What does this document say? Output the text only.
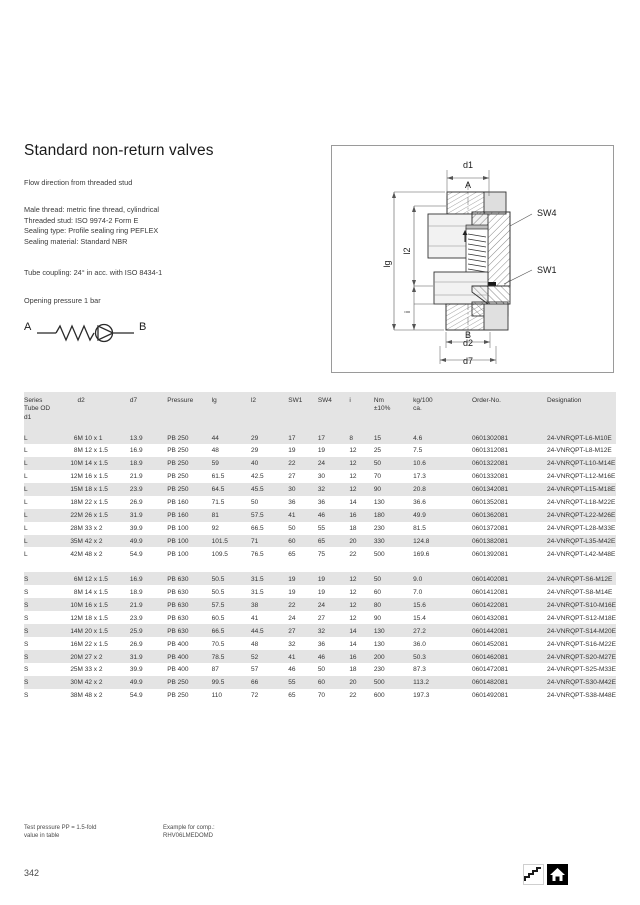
Standard non-return valves
Flow direction from threaded stud
Male thread: metric fine thread, cylindrical
Threaded stud: ISO 9974-2 Form E
Sealing type: Profile sealing ring PEFLEX
Sealing material: Standard NBR
Tube coupling: 24° in acc. with ISO 8434-1
Opening pressure 1 bar
A	B
d1
A
B
d2
d7
SW4
SW1
lg
l2
i
Series
Tube OD
d1		d2	d7	Pressure	lg	l2	SW1	SW4	i	Nm
±10%	kg/100
ca.	Order-No.	Designation
L	6	M 10 x 1	13.9	PB 250	44	29	17	17	8	15	4.6	0601302081	24-VNRQPT-L6-M10E
L	8	M 12 x 1.5	16.9	PB 250	48	29	19	19	12	25	7.5	0601312081	24-VNRQPT-L8-M12E
L	10	M 14 x 1.5	18.9	PB 250	59	40	22	24	12	50	10.6	0601322081	24-VNRQPT-L10-M14E
L	12	M 16 x 1.5	21.9	PB 250	61.5	42.5	27	30	12	70	17.3	0601332081	24-VNRQPT-L12-M16E
L	15	M 18 x 1.5	23.9	PB 250	64.5	45.5	30	32	12	90	20.8	0601342081	24-VNRQPT-L15-M18E
L	18	M 22 x 1.5	26.9	PB 160	71.5	50	36	36	14	130	36.6	0601352081	24-VNRQPT-L18-M22E
L	22	M 26 x 1.5	31.9	PB 160	81	57.5	41	46	16	180	49.9	0601362081	24-VNRQPT-L22-M26E
L	28	M 33 x 2	39.9	PB 100	92	66.5	50	55	18	230	81.5	0601372081	24-VNRQPT-L28-M33E
L	35	M 42 x 2	49.9	PB 100	101.5	71	60	65	20	330	124.8	0601382081	24-VNRQPT-L35-M42E
L	42	M 48 x 2	54.9	PB 100	109.5	76.5	65	75	22	500	169.6	0601392081	24-VNRQPT-L42-M48E

S	6	M 12 x 1.5	16.9	PB 630	50.5	31.5	19	19	12	50	9.0	0601402081	24-VNRQPT-S6-M12E
S	8	M 14 x 1.5	18.9	PB 630	50.5	31.5	19	19	12	60	7.0	0601412081	24-VNRQPT-S8-M14E
S	10	M 16 x 1.5	21.9	PB 630	57.5	38	22	24	12	80	15.6	0601422081	24-VNRQPT-S10-M16E
S	12	M 18 x 1.5	23.9	PB 630	60.5	41	24	27	12	90	15.4	0601432081	24-VNRQPT-S12-M18E
S	14	M 20 x 1.5	25.9	PB 630	66.5	44.5	27	32	14	130	27.2	0601442081	24-VNRQPT-S14-M20E
S	16	M 22 x 1.5	26.9	PB 400	70.5	48	32	36	14	130	36.0	0601452081	24-VNRQPT-S16-M22E
S	20	M 27 x 2	31.9	PB 400	78.5	52	41	46	16	200	50.3	0601462081	24-VNRQPT-S20-M27E
S	25	M 33 x 2	39.9	PB 400	87	57	46	50	18	230	87.3	0601472081	24-VNRQPT-S25-M33E
S	30	M 42 x 2	49.9	PB 250	99.5	66	55	60	20	500	113.2	0601482081	24-VNRQPT-S30-M42E
S	38	M 48 x 2	54.9	PB 250	110	72	65	70	22	600	197.3	0601492081	24-VNRQPT-S38-M48E
Test pressure PP = 1.5-fold
value in table
Example for comp.:
RHV06LMEDOMD
342
